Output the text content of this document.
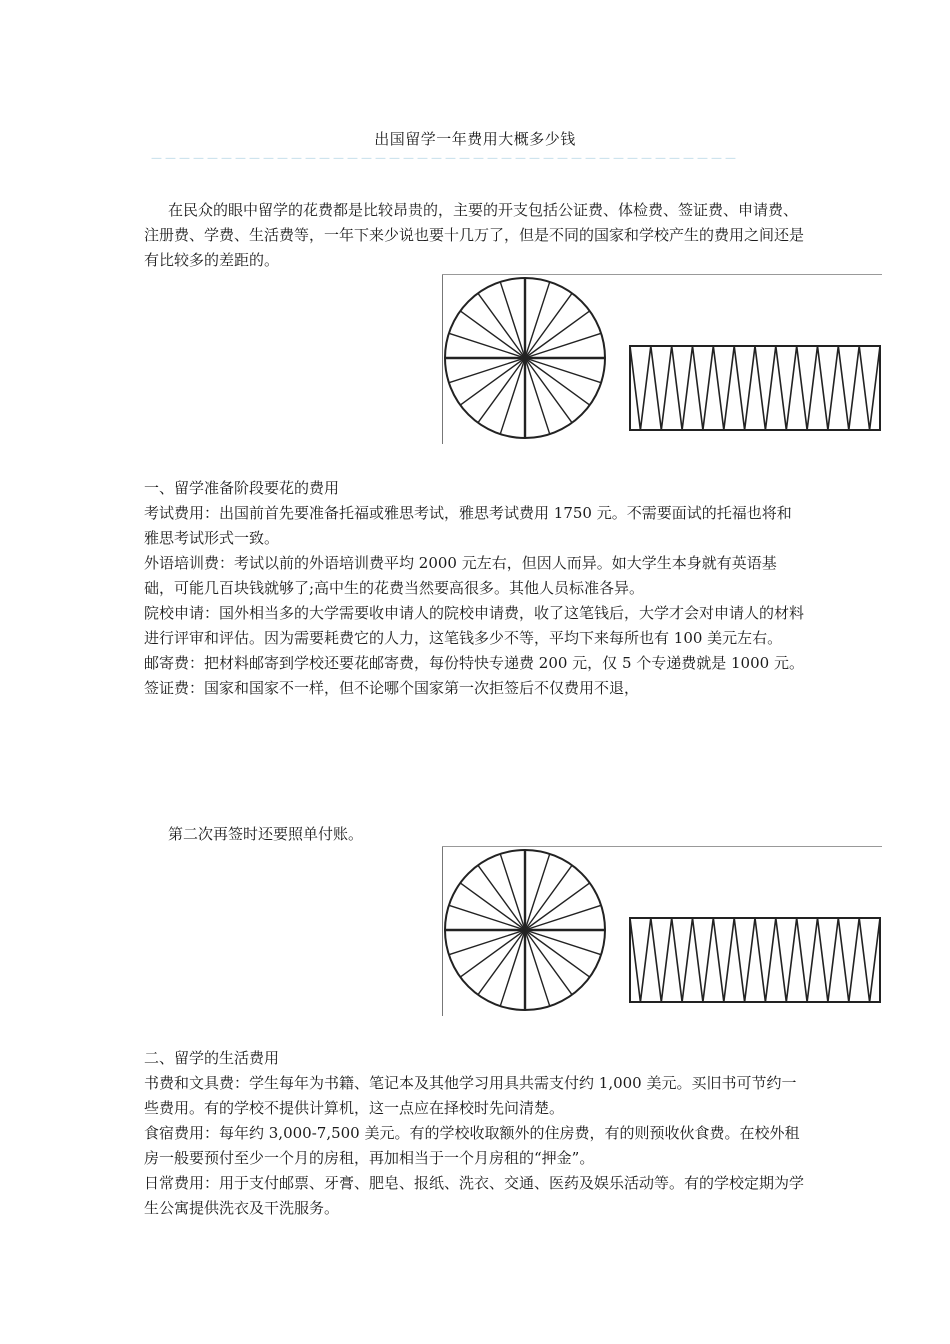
出国留学一年费用大概多少钱
－－－－－－－－－－－－－－－－－－－－－－－－－－－－－－－－－－－－－－－－－－

在民众的眼中留学的花费都是比较昂贵的，主要的开支包括公证费、体检费、签证费、申请费、注册费、学费、生活费等，一年下来少说也要十几万了，但是不同的国家和学校产生的费用之间还是有比较多的差距的。

一、留学准备阶段要花的费用

考试费用：出国前首先要准备托福或雅思考试，雅思考试费用 1750 元。不需要面试的托福也将和雅思考试形式一致。

外语培训费：考试以前的外语培训费平均 2000 元左右，但因人而异。如大学生本身就有英语基础，可能几百块钱就够了;高中生的花费当然要高很多。其他人员标准各异。

院校申请：国外相当多的大学需要收申请人的院校申请费，收了这笔钱后，大学才会对申请人的材料进行评审和评估。因为需要耗费它的人力，这笔钱多少不等，平均下来每所也有 100 美元左右。

邮寄费：把材料邮寄到学校还要花邮寄费，每份特快专递费 200 元，仅 5 个专递费就是 1000 元。

签证费：国家和国家不一样，但不论哪个国家第一次拒签后不仅费用不退，

第二次再签时还要照单付账。

二、留学的生活费用

书费和文具费：学生每年为书籍、笔记本及其他学习用具共需支付约 1,000 美元。买旧书可节约一些费用。有的学校不提供计算机，这一点应在择校时先问清楚。

食宿费用：每年约 3,000-7,500 美元。有的学校收取额外的住房费，有的则预收伙食费。在校外租房一般要预付至少一个月的房租，再加相当于一个月房租的“押金”。

日常费用：用于支付邮票、牙膏、肥皂、报纸、洗衣、交通、医药及娱乐活动等。有的学校定期为学生公寓提供洗衣及干洗服务。
